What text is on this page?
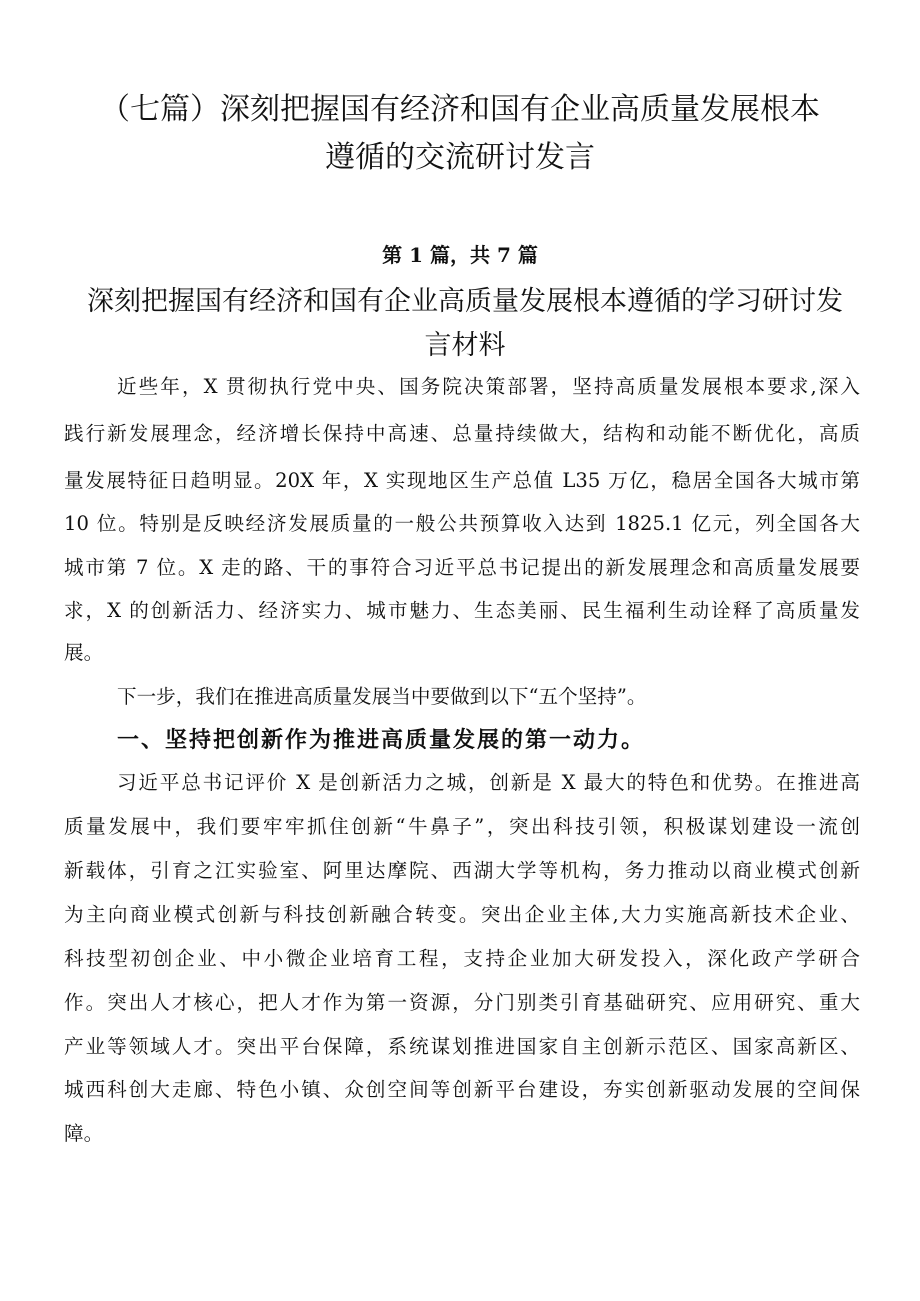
（七篇）深刻把握国有经济和国有企业高质量发展根本
遵循的交流研讨发言
第 1 篇，共 7 篇
深刻把握国有经济和国有企业高质量发展根本遵循的学习研讨发
言材料
近些年，X 贯彻执行党中央、国务院决策部署，坚持高质量发展根本要求,深入
践行新发展理念，经济增长保持中高速、总量持续做大，结构和动能不断优化，高质
量发展特征日趋明显。20X 年，X 实现地区生产总值 L35 万亿，稳居全国各大城市第
10 位。特别是反映经济发展质量的一般公共预算收入达到 1825.1 亿元，列全国各大
城市第 7 位。X 走的路、干的事符合习近平总书记提出的新发展理念和高质量发展要
求，X 的创新活力、经济实力、城市魅力、生态美丽、民生福利生动诠释了高质量发
展。
下一步，我们在推进高质量发展当中要做到以下“五个坚持”。
一、坚持把创新作为推进高质量发展的第一动力。
习近平总书记评价 X 是创新活力之城，创新是 X 最大的特色和优势。在推进高
质量发展中，我们要牢牢抓住创新“牛鼻子”，突出科技引领，积极谋划建设一流创
新载体，引育之江实验室、阿里达摩院、西湖大学等机构，务力推动以商业模式创新
为主向商业模式创新与科技创新融合转变。突出企业主体,大力实施高新技术企业、
科技型初创企业、中小微企业培育工程，支持企业加大研发投入，深化政产学研合
作。突出人才核心，把人才作为第一资源，分门别类引育基础研究、应用研究、重大
产业等领域人才。突出平台保障，系统谋划推进国家自主创新示范区、国家高新区、
城西科创大走廊、特色小镇、众创空间等创新平台建设，夯实创新驱动发展的空间保
障。
